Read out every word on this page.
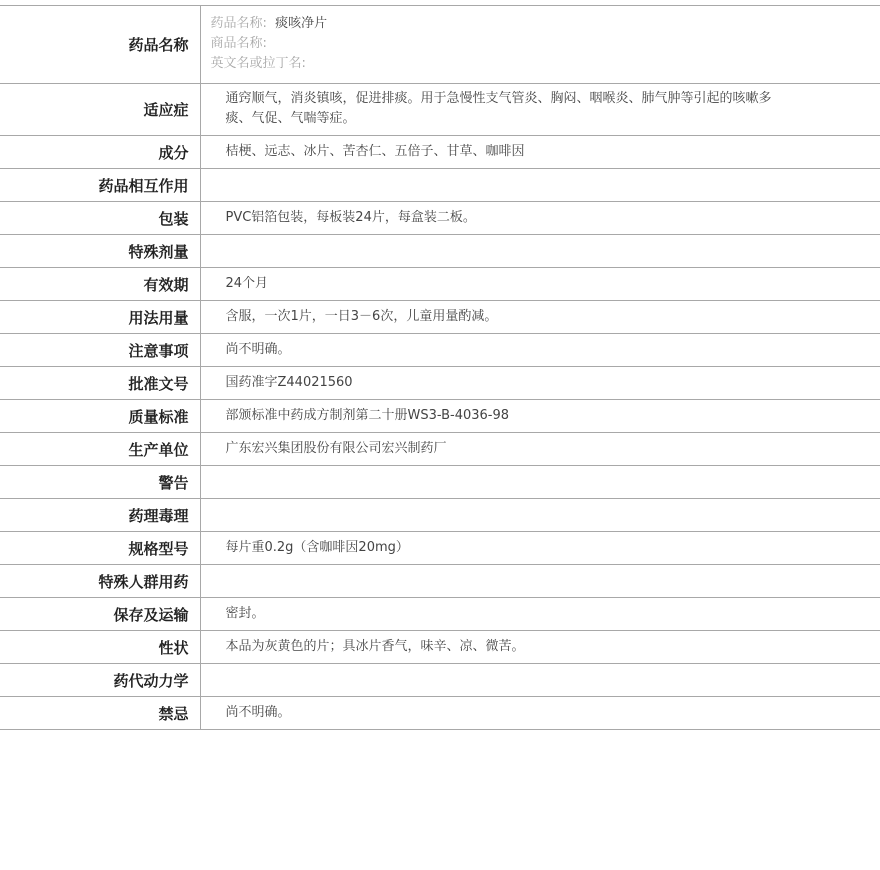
药品名称	药品名称: 痰咳净片
商品名称:
英文名或拉丁名:

适应症	通窍顺气，消炎镇咳，促进排痰。用于急慢性支气管炎、胸闷、咽喉炎、肺气肿等引起的咳嗽多痰、气促、气喘等症。

成分	桔梗、远志、冰片、苦杏仁、五倍子、甘草、咖啡因
药品相互作用	
包装	PVC铝箔包装，每板装24片，每盒装二板。
特殊剂量	
有效期	24个月
用法用量	含服，一次1片，一日3－6次，儿童用量酌减。
注意事项	尚不明确。
批准文号	国药准字Z44021560
质量标准	部颁标准中药成方制剂第二十册WS3-B-4036-98
生产单位	广东宏兴集团股份有限公司宏兴制药厂
警告	
药理毒理	
规格型号	每片重0.2g（含咖啡因20mg）
特殊人群用药	
保存及运输	密封。
性状	本品为灰黄色的片；具冰片香气，味辛、凉、微苦。
药代动力学	
禁忌	尚不明确。
